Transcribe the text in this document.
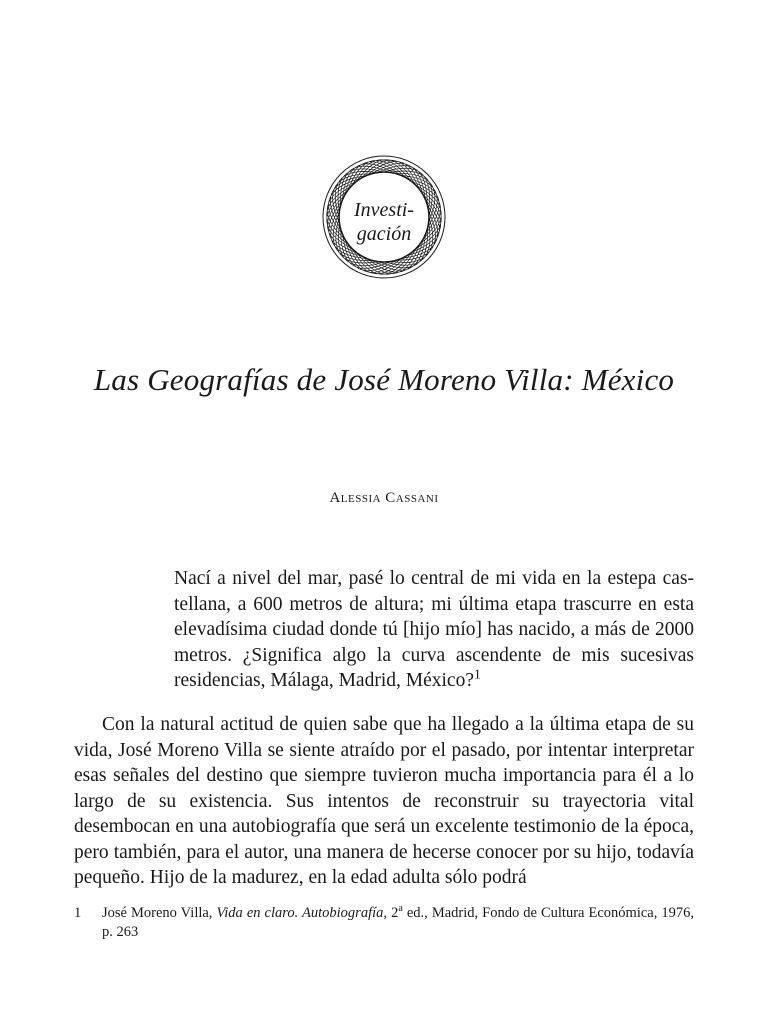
Investi-
gación
Las Geografías de José Moreno Villa: México
Alessia Cassani
Nací a nivel del mar, pasé lo central de mi vida en la estepa castellana, a 600 metros de altura; mi última etapa trascurre en esta elevadísima ciudad donde tú [hijo mío] has nacido, a más de 2000 metros. ¿Significa algo la curva ascendente de mis sucesivas residencias, Málaga, Madrid, México?$^1$
Con la natural actitud de quien sabe que ha llegado a la última etapa de su vida, José Moreno Villa se siente atraído por el pasado, por intentar interpretar esas señales del destino que siempre tuvieron mucha importancia para él a lo largo de su existencia. Sus intentos de reconstruir su trayectoria vital desembocan en una autobiografía que será un excelente testimonio de la época, pero también, para el autor, una manera de hecerse conocer por su hijo, todavía pequeño. Hijo de la madurez, en la edad adulta sólo podrá
1 José Moreno Villa, Vida en claro. Autobiografía, 2$^a$ ed., Madrid, Fondo de Cultura Económica, 1976, p. 263
